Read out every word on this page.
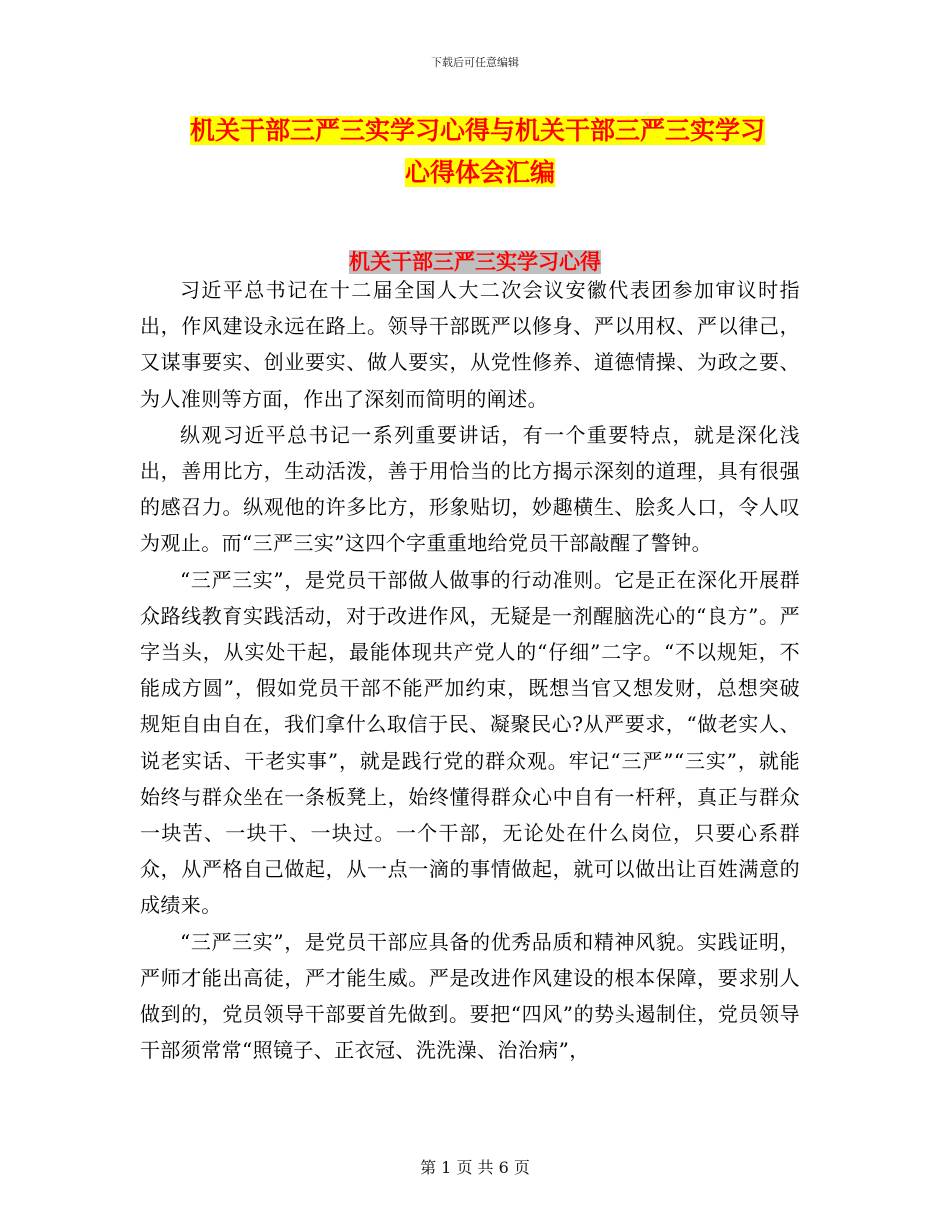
下载后可任意编辑
机关干部三严三实学习心得与机关干部三严三实学习
心得体会汇编
机关干部三严三实学习心得

习近平总书记在十二届全国人大二次会议安徽代表团参加审议时指出，作风建设永远在路上。领导干部既严以修身、严以用权、严以律己，又谋事要实、创业要实、做人要实，从党性修养、道德情操、为政之要、为人准则等方面，作出了深刻而简明的阐述。

纵观习近平总书记一系列重要讲话，有一个重要特点，就是深化浅出，善用比方，生动活泼，善于用恰当的比方揭示深刻的道理，具有很强的感召力。纵观他的许多比方，形象贴切，妙趣横生、脍炙人口，令人叹为观止。而“三严三实”这四个字重重地给党员干部敲醒了警钟。

“三严三实”，是党员干部做人做事的行动准则。它是正在深化开展群众路线教育实践活动，对于改进作风，无疑是一剂醒脑洗心的“良方”。严字当头，从实处干起，最能体现共产党人的“仔细”二字。“不以规矩，不能成方圆”，假如党员干部不能严加约束，既想当官又想发财，总想突破规矩自由自在，我们拿什么取信于民、凝聚民心?从严要求，“做老实人、说老实话、干老实事”，就是践行党的群众观。牢记“三严”“三实”，就能始终与群众坐在一条板凳上，始终懂得群众心中自有一杆秤，真正与群众一块苦、一块干、一块过。一个干部，无论处在什么岗位，只要心系群众，从严格自己做起，从一点一滴的事情做起，就可以做出让百姓满意的成绩来。

“三严三实”，是党员干部应具备的优秀品质和精神风貌。实践证明，严师才能出高徒，严才能生威。严是改进作风建设的根本保障，要求别人做到的，党员领导干部要首先做到。要把“四风”的势头遏制住，党员领导干部须常常“照镜子、正衣冠、洗洗澡、治治病”，

第 1 页 共 6 页
